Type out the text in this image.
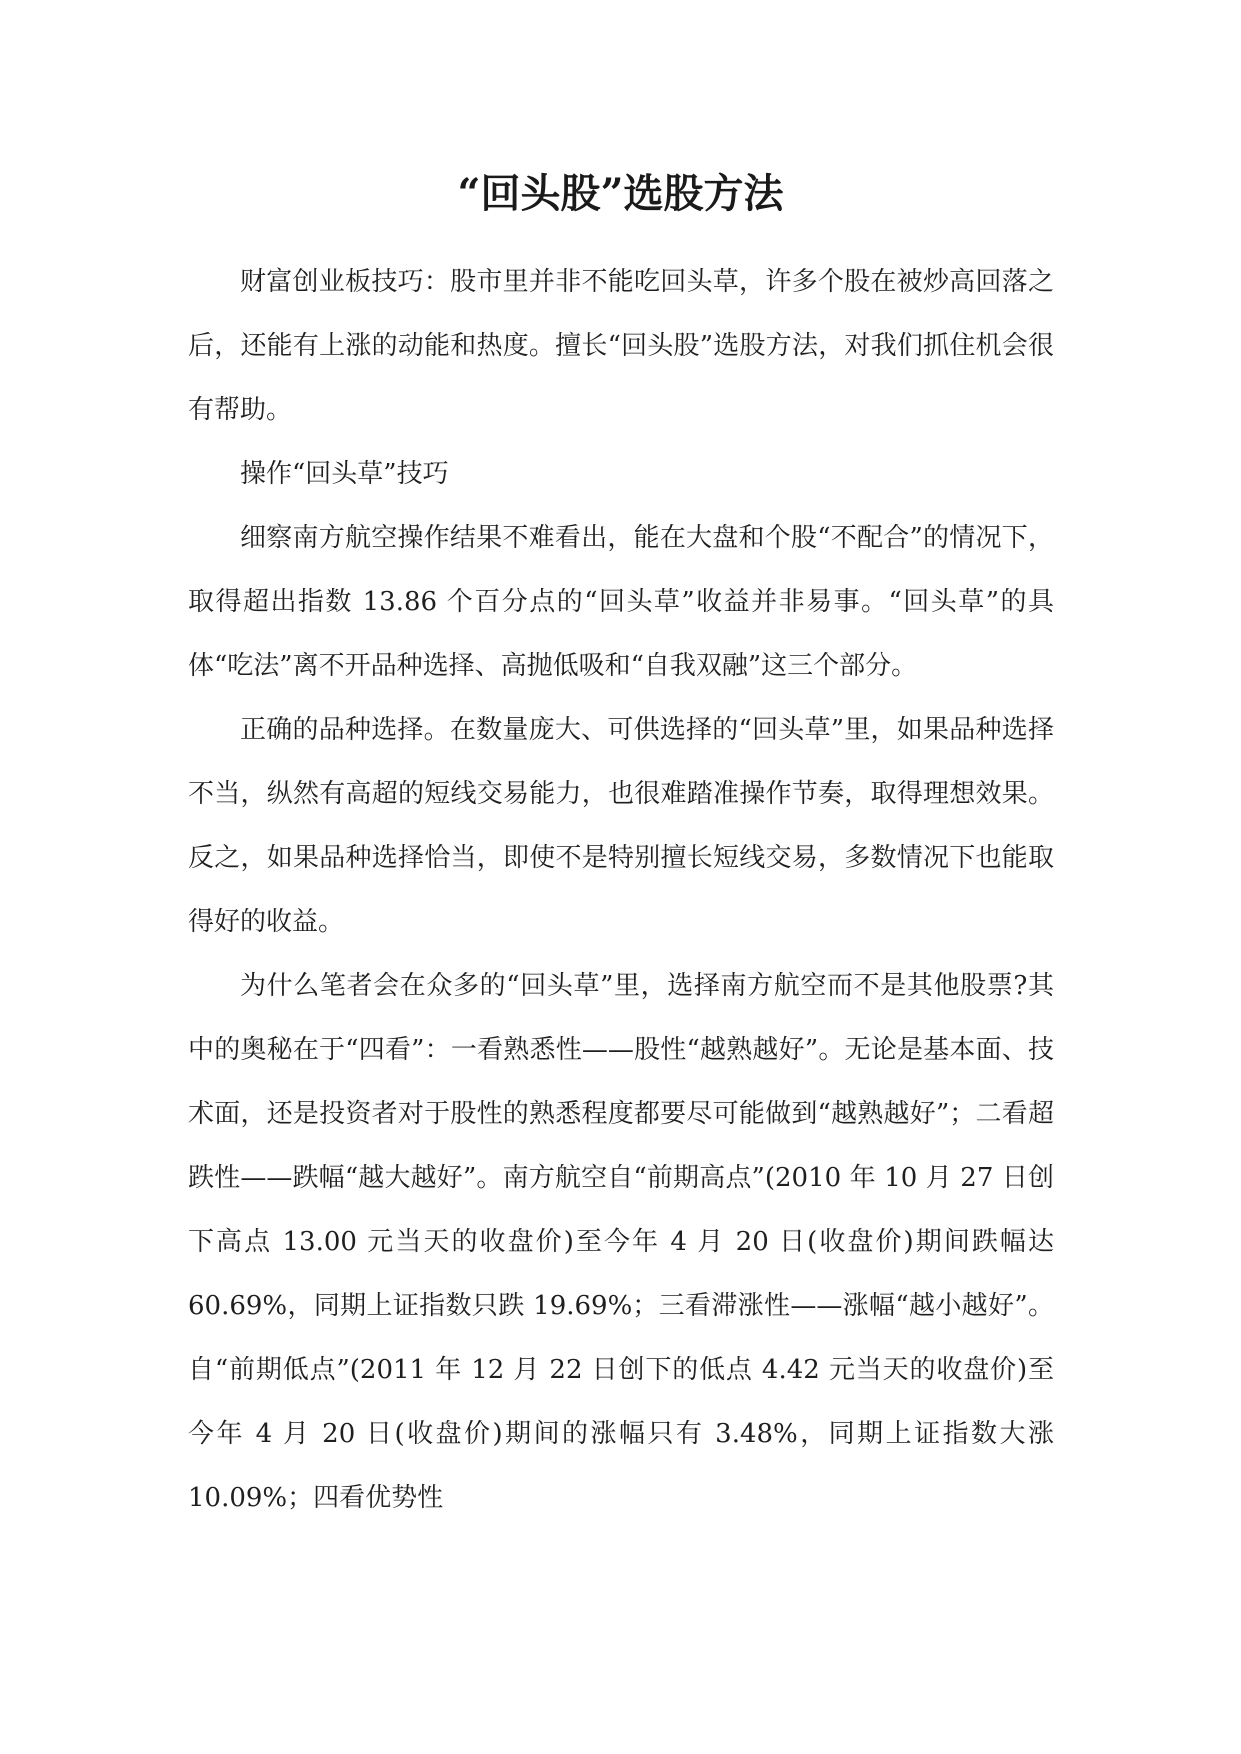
“回头股”选股方法

财富创业板技巧：股市里并非不能吃回头草，许多个股在被炒高回落之后，还能有上涨的动能和热度。擅长“回头股”选股方法，对我们抓住机会很有帮助。

操作“回头草”技巧

细察南方航空操作结果不难看出，能在大盘和个股“不配合”的情况下，取得超出指数 13.86 个百分点的“回头草”收益并非易事。“回头草”的具体“吃法”离不开品种选择、高抛低吸和“自我双融”这三个部分。

正确的品种选择。在数量庞大、可供选择的“回头草”里，如果品种选择不当，纵然有高超的短线交易能力，也很难踏准操作节奏，取得理想效果。反之，如果品种选择恰当，即使不是特别擅长短线交易，多数情况下也能取得好的收益。

为什么笔者会在众多的“回头草”里，选择南方航空而不是其他股票?其中的奥秘在于“四看”：一看熟悉性——股性“越熟越好”。无论是基本面、技术面，还是投资者对于股性的熟悉程度都要尽可能做到“越熟越好”；二看超跌性——跌幅“越大越好”。南方航空自“前期高点”(2010 年 10 月 27 日创下高点 13.00 元当天的收盘价)至今年 4 月 20 日(收盘价)期间跌幅达 60.69%，同期上证指数只跌 19.69%；三看滞涨性——涨幅“越小越好”。自“前期低点”(2011 年 12 月 22 日创下的低点 4.42 元当天的收盘价)至今年 4 月 20 日(收盘价)期间的涨幅只有 3.48%，同期上证指数大涨 10.09%；四看优势性
